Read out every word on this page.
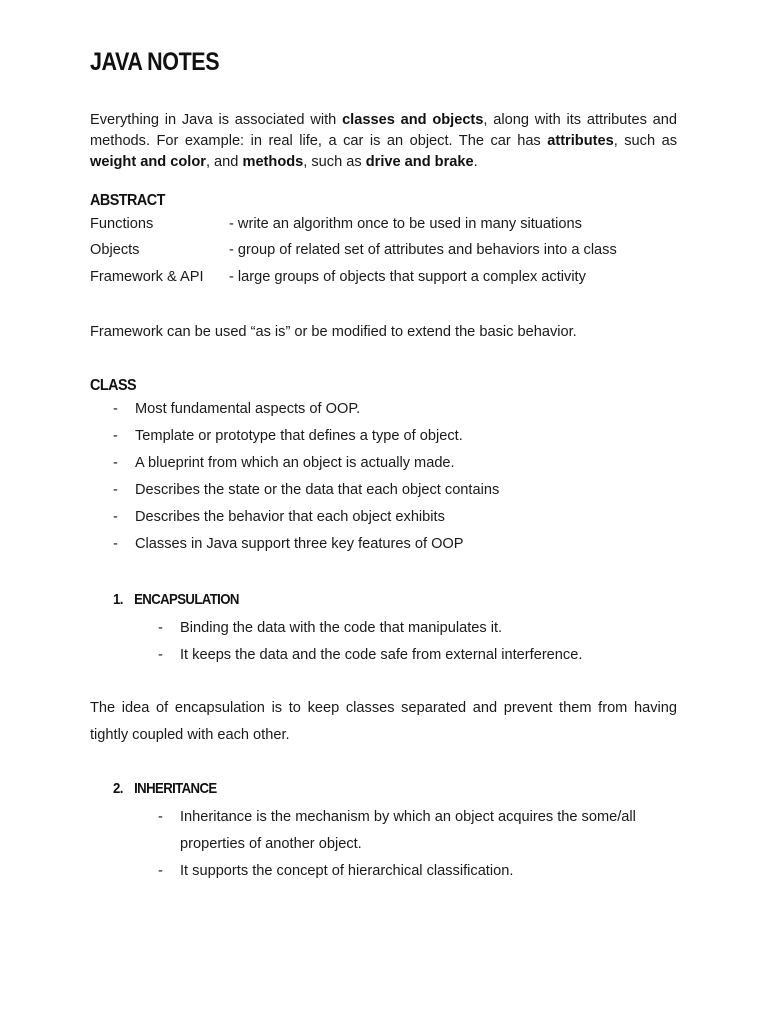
JAVA NOTES
Everything in Java is associated with classes and objects, along with its attributes and methods. For example: in real life, a car is an object. The car has attributes, such as weight and color, and methods, such as drive and brake.
ABSTRACT
Functions	- write an algorithm once to be used in many situations
Objects	- group of related set of attributes and behaviors into a class
Framework & API - large groups of objects that support a complex activity
Framework can be used “as is” or be modified to extend the basic behavior.
CLASS
- Most fundamental aspects of OOP.
- Template or prototype that defines a type of object.
- A blueprint from which an object is actually made.
- Describes the state or the data that each object contains
- Describes the behavior that each object exhibits
- Classes in Java support three key features of OOP
1. ENCAPSULATION
- Binding the data with the code that manipulates it.
- It keeps the data and the code safe from external interference.
The idea of encapsulation is to keep classes separated and prevent them from having tightly coupled with each other.
2. INHERITANCE
- Inheritance is the mechanism by which an object acquires the some/all properties of another object.
- It supports the concept of hierarchical classification.
